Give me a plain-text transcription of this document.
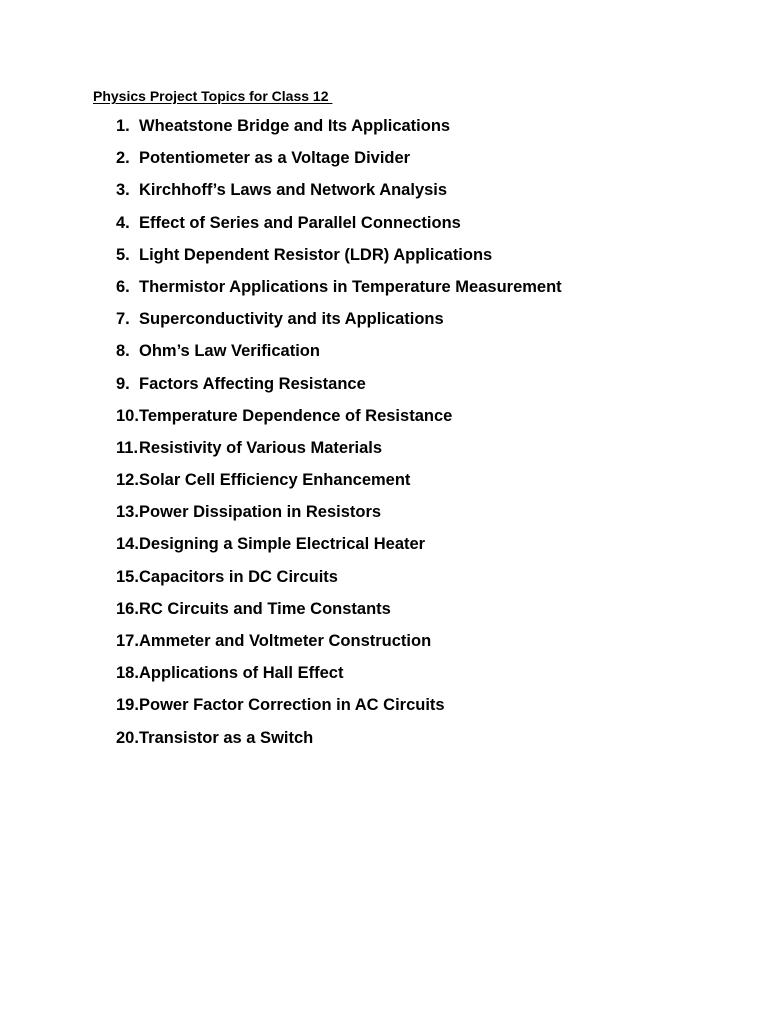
Physics Project Topics for Class 12

1. Wheatstone Bridge and Its Applications
2. Potentiometer as a Voltage Divider
3. Kirchhoff’s Laws and Network Analysis
4. Effect of Series and Parallel Connections
5. Light Dependent Resistor (LDR) Applications
6. Thermistor Applications in Temperature Measurement
7. Superconductivity and its Applications
8. Ohm’s Law Verification
9. Factors Affecting Resistance
10. Temperature Dependence of Resistance
11. Resistivity of Various Materials
12. Solar Cell Efficiency Enhancement
13. Power Dissipation in Resistors
14. Designing a Simple Electrical Heater
15. Capacitors in DC Circuits
16. RC Circuits and Time Constants
17. Ammeter and Voltmeter Construction
18. Applications of Hall Effect
19. Power Factor Correction in AC Circuits
20. Transistor as a Switch
